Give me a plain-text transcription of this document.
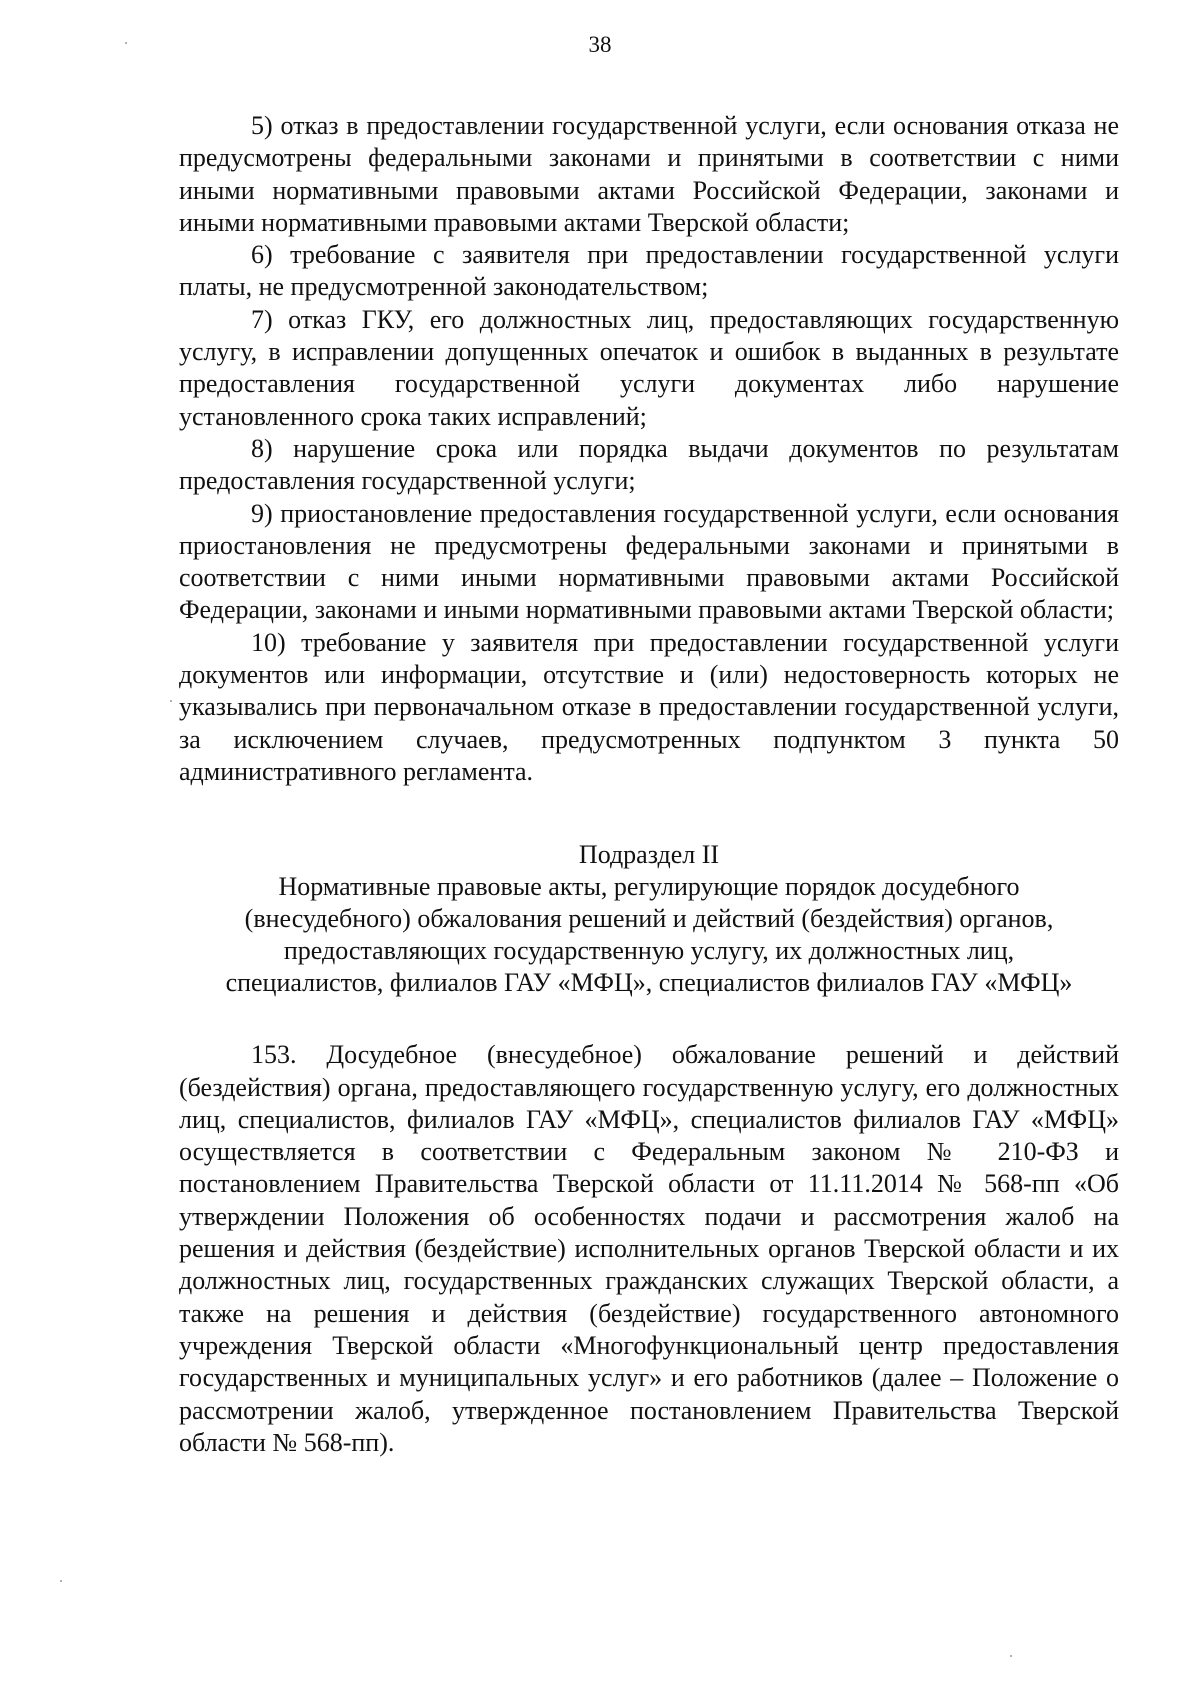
38

5) отказ в предоставлении государственной услуги, если основания отказа не предусмотрены федеральными законами и принятыми в соответствии с ними иными нормативными правовыми актами Российской Федерации, законами и иными нормативными правовыми актами Тверской области;

6) требование с заявителя при предоставлении государственной услуги платы, не предусмотренной законодательством;

7) отказ ГКУ, его должностных лиц, предоставляющих государственную услугу, в исправлении допущенных опечаток и ошибок в выданных в результате предоставления государственной услуги документах либо нарушение установленного срока таких исправлений;

8) нарушение срока или порядка выдачи документов по результатам предоставления государственной услуги;

9) приостановление предоставления государственной услуги, если основания приостановления не предусмотрены федеральными законами и принятыми в соответствии с ними иными нормативными правовыми актами Российской Федерации, законами и иными нормативными правовыми актами Тверской области;

10) требование у заявителя при предоставлении государственной услуги документов или информации, отсутствие и (или) недостоверность которых не указывались при первоначальном отказе в предоставлении государственной услуги, за исключением случаев, предусмотренных подпунктом 3 пункта 50 административного регламента.

Подраздел II

Нормативные правовые акты, регулирующие порядок досудебного

(внесудебного) обжалования решений и действий (бездействия) органов,

предоставляющих государственную услугу, их должностных лиц,

специалистов, филиалов ГАУ «МФЦ», специалистов филиалов ГАУ «МФЦ»

153. Досудебное (внесудебное) обжалование решений и действий (бездействия) органа, предоставляющего государственную услугу, его должностных лиц, специалистов, филиалов ГАУ «МФЦ», специалистов филиалов ГАУ «МФЦ» осуществляется в соответствии с Федеральным законом № 210-ФЗ и постановлением Правительства Тверской области от 11.11.2014 № 568-пп «Об утверждении Положения об особенностях подачи и рассмотрения жалоб на решения и действия (бездействие) исполнительных органов Тверской области и их должностных лиц, государственных гражданских служащих Тверской области, а также на решения и действия (бездействие) государственного автономного учреждения Тверской области «Многофункциональный центр предоставления государственных и муниципальных услуг» и его работников (далее – Положение о рассмотрении жалоб, утвержденное постановлением Правительства Тверской области № 568-пп).
